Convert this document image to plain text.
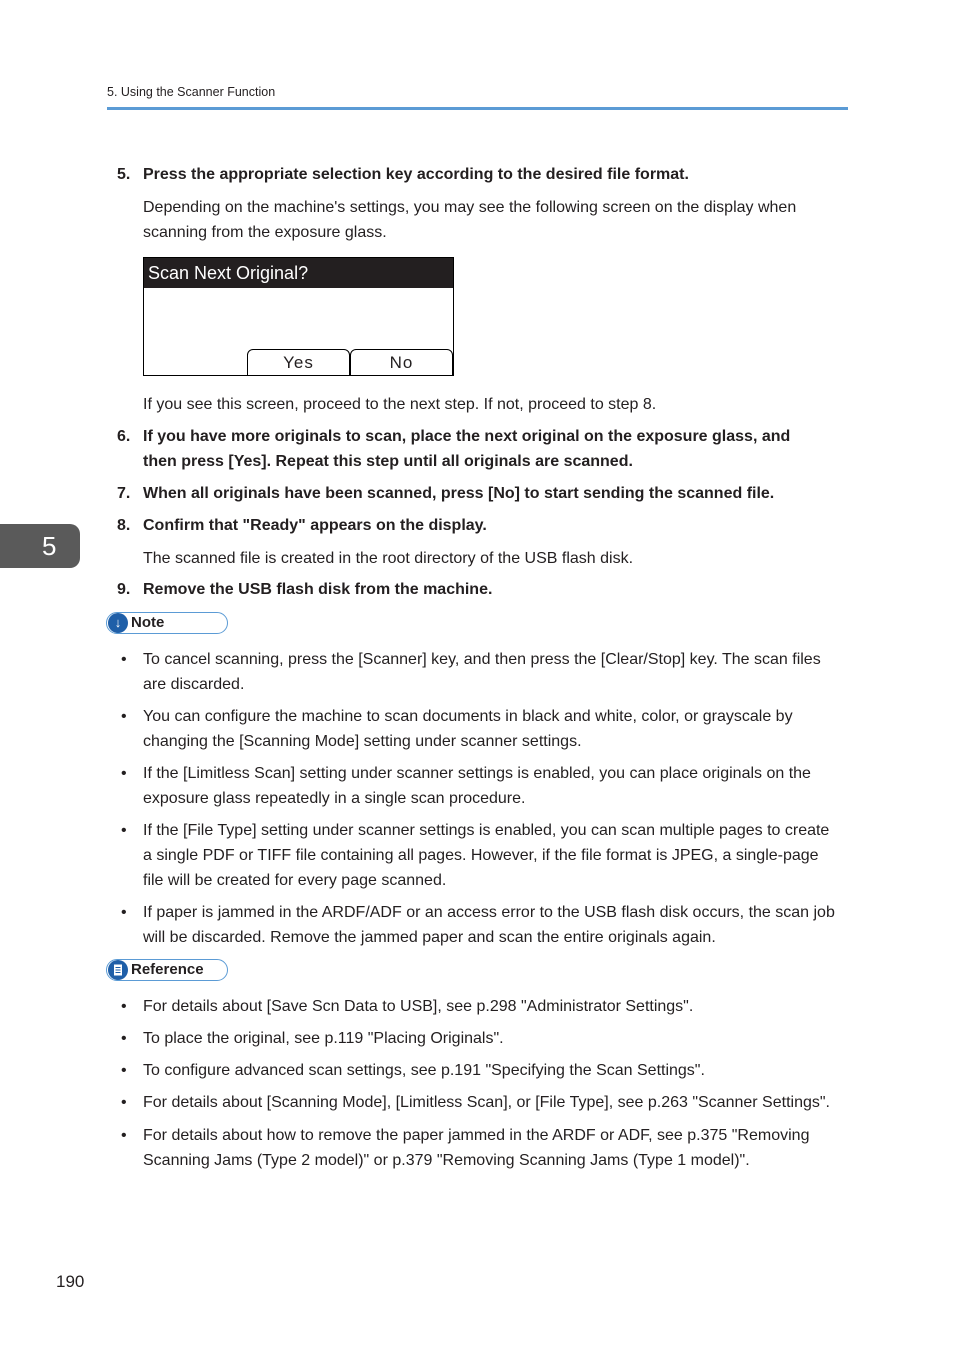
5. Using the Scanner Function
5
5. Press the appropriate selection key according to the desired file format.
Depending on the machine's settings, you may see the following screen on the display when scanning from the exposure glass.
Scan Next Original?
Yes	No
If you see this screen, proceed to the next step. If not, proceed to step 8.
6. If you have more originals to scan, place the next original on the exposure glass, and then press [Yes]. Repeat this step until all originals are scanned.
7. When all originals have been scanned, press [No] to start sending the scanned file.
8. Confirm that "Ready" appears on the display.
The scanned file is created in the root directory of the USB flash disk.
9. Remove the USB flash disk from the machine.
↓ Note
• To cancel scanning, press the [Scanner] key, and then press the [Clear/Stop] key. The scan files are discarded.
• You can configure the machine to scan documents in black and white, color, or grayscale by changing the [Scanning Mode] setting under scanner settings.
• If the [Limitless Scan] setting under scanner settings is enabled, you can place originals on the exposure glass repeatedly in a single scan procedure.
• If the [File Type] setting under scanner settings is enabled, you can scan multiple pages to create a single PDF or TIFF file containing all pages. However, if the file format is JPEG, a single-page file will be created for every page scanned.
• If paper is jammed in the ARDF/ADF or an access error to the USB flash disk occurs, the scan job will be discarded. Remove the jammed paper and scan the entire originals again.
Reference
• For details about [Save Scn Data to USB], see p.298 "Administrator Settings".
• To place the original, see p.119 "Placing Originals".
• To configure advanced scan settings, see p.191 "Specifying the Scan Settings".
• For details about [Scanning Mode], [Limitless Scan], or [File Type], see p.263 "Scanner Settings".
• For details about how to remove the paper jammed in the ARDF or ADF, see p.375 "Removing Scanning Jams (Type 2 model)" or p.379 "Removing Scanning Jams (Type 1 model)".
190
